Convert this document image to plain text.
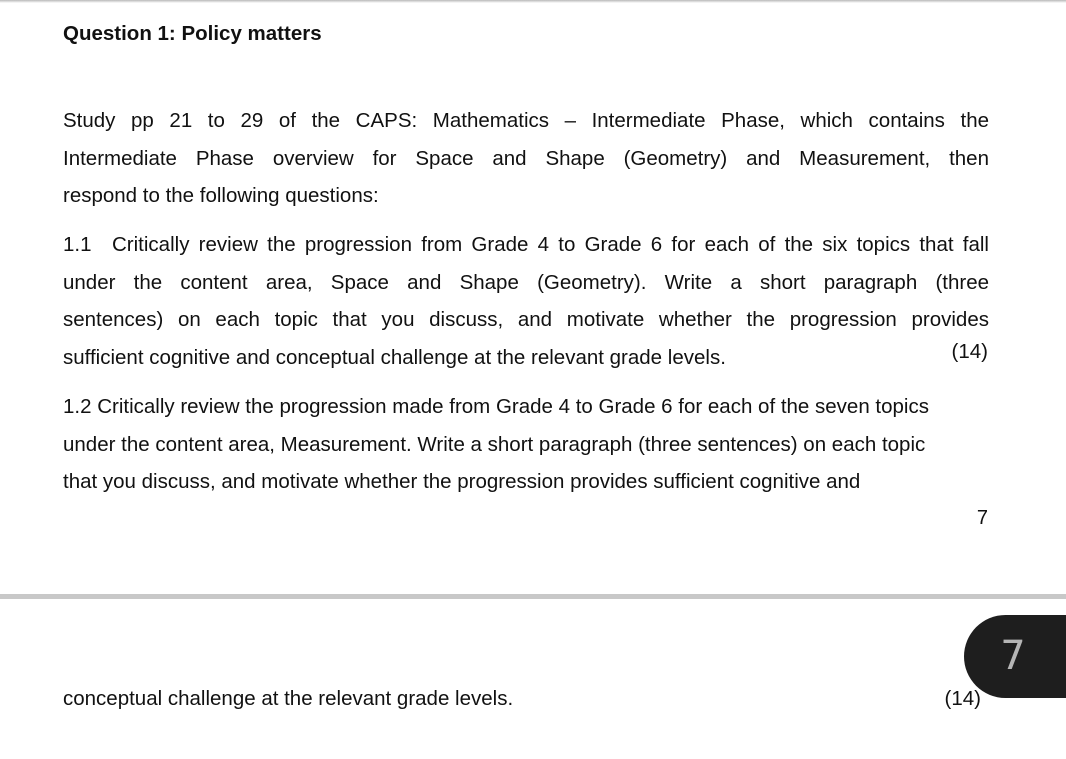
Question 1: Policy matters
Study pp 21 to 29 of the CAPS: Mathematics – Intermediate Phase, which contains the
Intermediate Phase overview for Space and Shape (Geometry) and Measurement, then
respond to the following questions:
1.1 Critically review the progression from Grade 4 to Grade 6 for each of the six topics that fall
under the content area, Space and Shape (Geometry). Write a short paragraph (three
sentences) on each topic that you discuss, and motivate whether the progression provides
sufficient cognitive and conceptual challenge at the relevant grade levels.	(14)
1.2 Critically review the progression made from Grade 4 to Grade 6 for each of the seven topics
under the content area, Measurement. Write a short paragraph (three sentences) on each topic
that you discuss, and motivate whether the progression provides sufficient cognitive and
7
conceptual challenge at the relevant grade levels.	(14)
7
